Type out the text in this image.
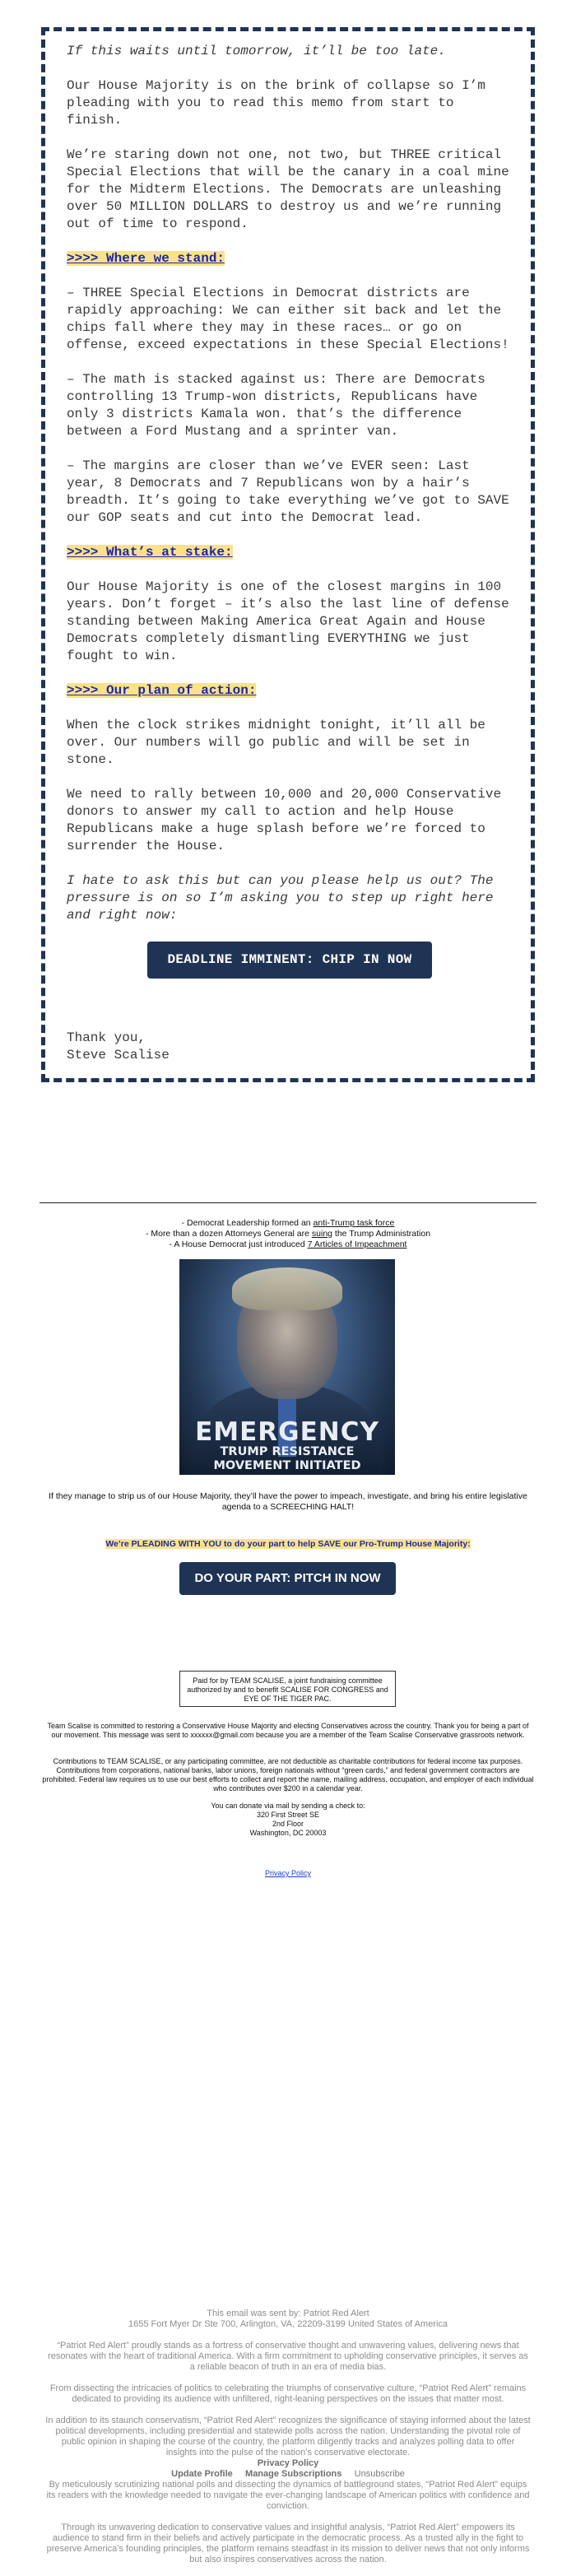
If this waits until tomorrow, it’ll be too late.

Our House Majority is on the brink of collapse so I’m pleading with you to read this memo from start to finish.

We’re staring down not one, not two, but THREE critical Special Elections that will be the canary in a coal mine for the Midterm Elections. The Democrats are unleashing over 50 MILLION DOLLARS to destroy us and we’re running out of time to respond.

>>>> Where we stand:

– THREE Special Elections in Democrat districts are rapidly approaching: We can either sit back and let the chips fall where they may in these races… or go on offense, exceed expectations in these Special Elections!

– The math is stacked against us: There are Democrats controlling 13 Trump-won districts, Republicans have only 3 districts Kamala won. that’s the difference between a Ford Mustang and a sprinter van.

– The margins are closer than we’ve EVER seen: Last year, 8 Democrats and 7 Republicans won by a hair’s breadth. It’s going to take everything we’ve got to SAVE our GOP seats and cut into the Democrat lead.

>>>> What’s at stake:

Our House Majority is one of the closest margins in 100 years. Don’t forget – it’s also the last line of defense standing between Making America Great Again and House Democrats completely dismantling EVERYTHING we just fought to win.

>>>> Our plan of action:

When the clock strikes midnight tonight, it’ll all be over. Our numbers will go public and will be set in stone.

We need to rally between 10,000 and 20,000 Conservative donors to answer my call to action and help House Republicans make a huge splash before we’re forced to surrender the House.

I hate to ask this but can you please help us out? The pressure is on so I’m asking you to step up right here and right now:

DEADLINE IMMINENT: CHIP IN NOW

Thank you,

Steve Scalise

- Democrat Leadership formed an anti-Trump task force
- More than a dozen Attorneys General are suing the Trump Administration
- A House Democrat just introduced 7 Articles of Impeachment
EMERGENCY
TRUMP RESISTANCE
MOVEMENT INITIATED
If they manage to strip us of our House Majority, they’ll have the power to impeach, investigate, and bring his entire legislative agenda to a SCREECHING HALT!
We’re PLEADING WITH YOU to do your part to help SAVE our Pro-Trump House Majority:
DO YOUR PART: PITCH IN NOW
Paid for by TEAM SCALISE, a joint fundraising committee authorized by and to benefit SCALISE FOR CONGRESS and EYE OF THE TIGER PAC.
Team Scalise is committed to restoring a Conservative House Majority and electing Conservatives across the country. Thank you for being a part of our movement. This message was sent to xxxxxx@gmail.com because you are a member of the Team Scalise Conservative grassroots network.
Contributions to TEAM SCALISE, or any participating committee, are not deductible as charitable contributions for federal income tax purposes. Contributions from corporations, national banks, labor unions, foreign nationals without “green cards,” and federal government contractors are prohibited. Federal law requires us to use our best efforts to collect and report the name, mailing address, occupation, and employer of each individual who contributes over $200 in a calendar year.
You can donate via mail by sending a check to:
320 First Street SE
2nd Floor
Washington, DC 20003
Privacy Policy

This email was sent by: Patriot Red Alert

1655 Fort Myer Dr Ste 700, Arlington, VA, 22209-3199 United States of America

“Patriot Red Alert” proudly stands as a fortress of conservative thought and unwavering values, delivering news that resonates with the heart of traditional America. With a firm commitment to upholding conservative principles, it serves as a reliable beacon of truth in an era of media bias.

From dissecting the intricacies of politics to celebrating the triumphs of conservative culture, “Patriot Red Alert” remains dedicated to providing its audience with unfiltered, right-leaning perspectives on the issues that matter most.

In addition to its staunch conservatism, “Patriot Red Alert” recognizes the significance of staying informed about the latest political developments, including presidential and statewide polls across the nation. Understanding the pivotal role of public opinion in shaping the course of the country, the platform diligently tracks and analyzes polling data to offer insights into the pulse of the nation’s conservative electorate.

Privacy Policy
Update Profile Manage Subscriptions Unsubscribe

By meticulously scrutinizing national polls and dissecting the dynamics of battleground states, “Patriot Red Alert” equips its readers with the knowledge needed to navigate the ever-changing landscape of American politics with confidence and conviction.

Through its unwavering dedication to conservative values and insightful analysis, “Patriot Red Alert” empowers its audience to stand firm in their beliefs and actively participate in the democratic process. As a trusted ally in the fight to preserve America’s founding principles, the platform remains steadfast in its mission to deliver news that not only informs but also inspires conservatives across the nation.
